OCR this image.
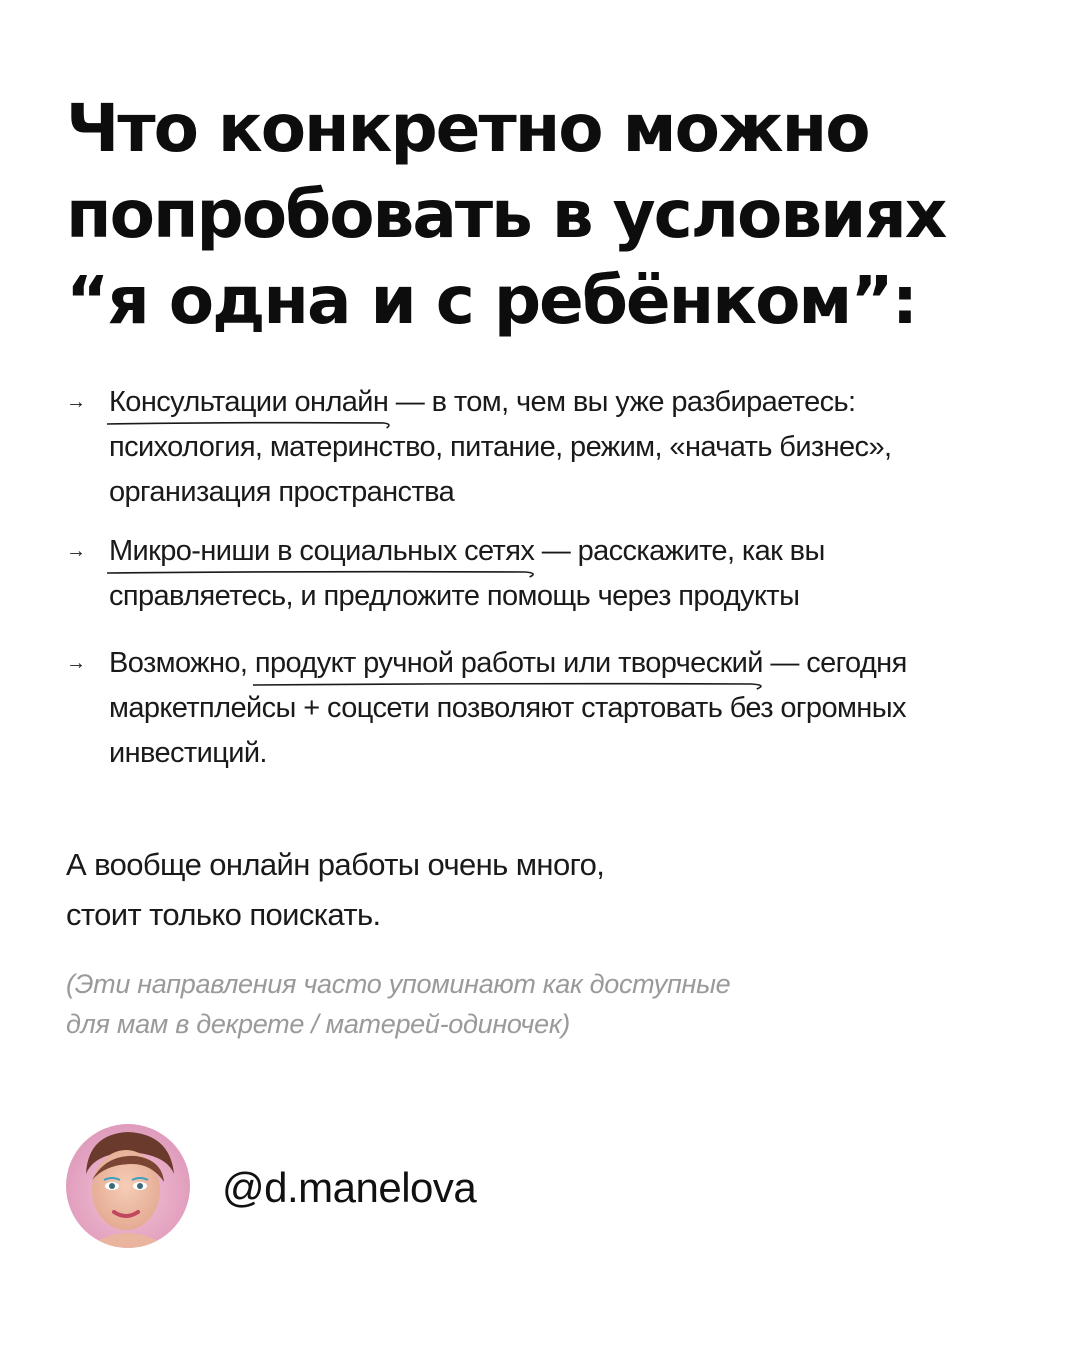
Что конкретно можно
попробовать в условиях
“я одна и с ребёнком”:
→ Консультации онлайн
— в том, чем вы уже разбираетесь: психология, материнство, питание, режим, «начать бизнес», организация пространства
→ Микро-ниши в социальных сетях
— расскажите, как вы справляетесь, и предложите помощь через продукты
→ Возможно, продукт ручной работы или творческий
— сегодня маркетплейсы + соцсети позволяют стартовать без огромных инвестиций.

А вообще онлайн работы очень много,
стоит только поискать.

(Эти направления часто упоминают как доступные
для мам в декрете / матерей-одиночек)

@d.manelova
